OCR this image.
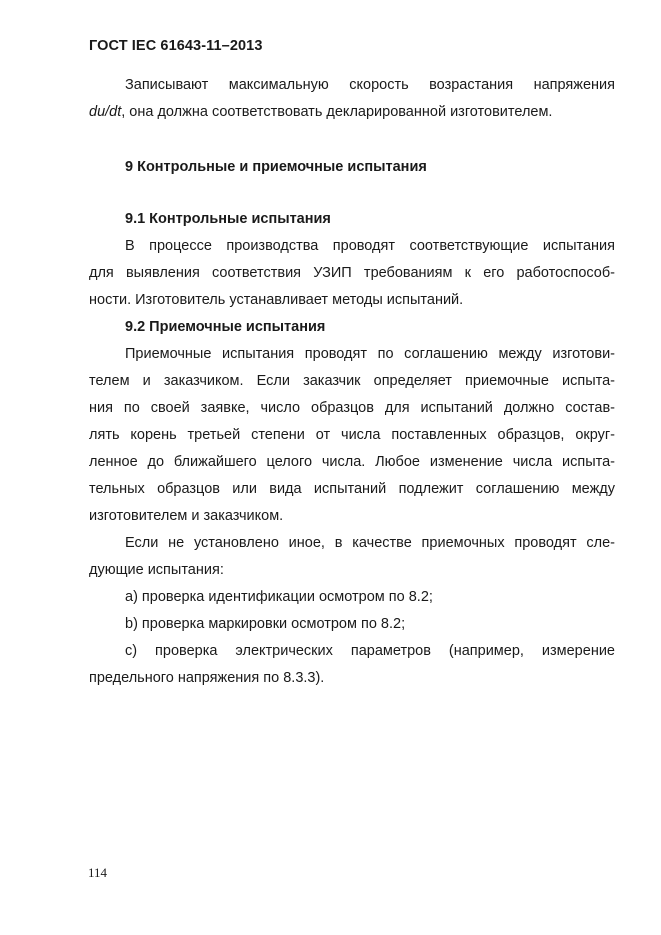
ГОСТ IEC 61643-11–2013
Записывают максимальную скорость возрастания напряжения
du/dt, она должна соответствовать декларированной изготовителем.
9 Контрольные и приемочные испытания
9.1 Контрольные испытания
В процессе производства проводят соответствующие испытания
для выявления соответствия УЗИП требованиям к его работоспособ-
ности. Изготовитель устанавливает методы испытаний.
9.2 Приемочные испытания
Приемочные испытания проводят по соглашению между изготови-
телем и заказчиком. Если заказчик определяет приемочные испыта-
ния по своей заявке, число образцов для испытаний должно состав-
лять корень третьей степени от числа поставленных образцов, округ-
ленное до ближайшего целого числа. Любое изменение числа испыта-
тельных образцов или вида испытаний подлежит соглашению между
изготовителем и заказчиком.
Если не установлено иное, в качестве приемочных проводят сле-
дующие испытания:
a) проверка идентификации осмотром по 8.2;
b) проверка маркировки осмотром по 8.2;
c) проверка электрических параметров (например, измерение
предельного напряжения по 8.3.3).
114
